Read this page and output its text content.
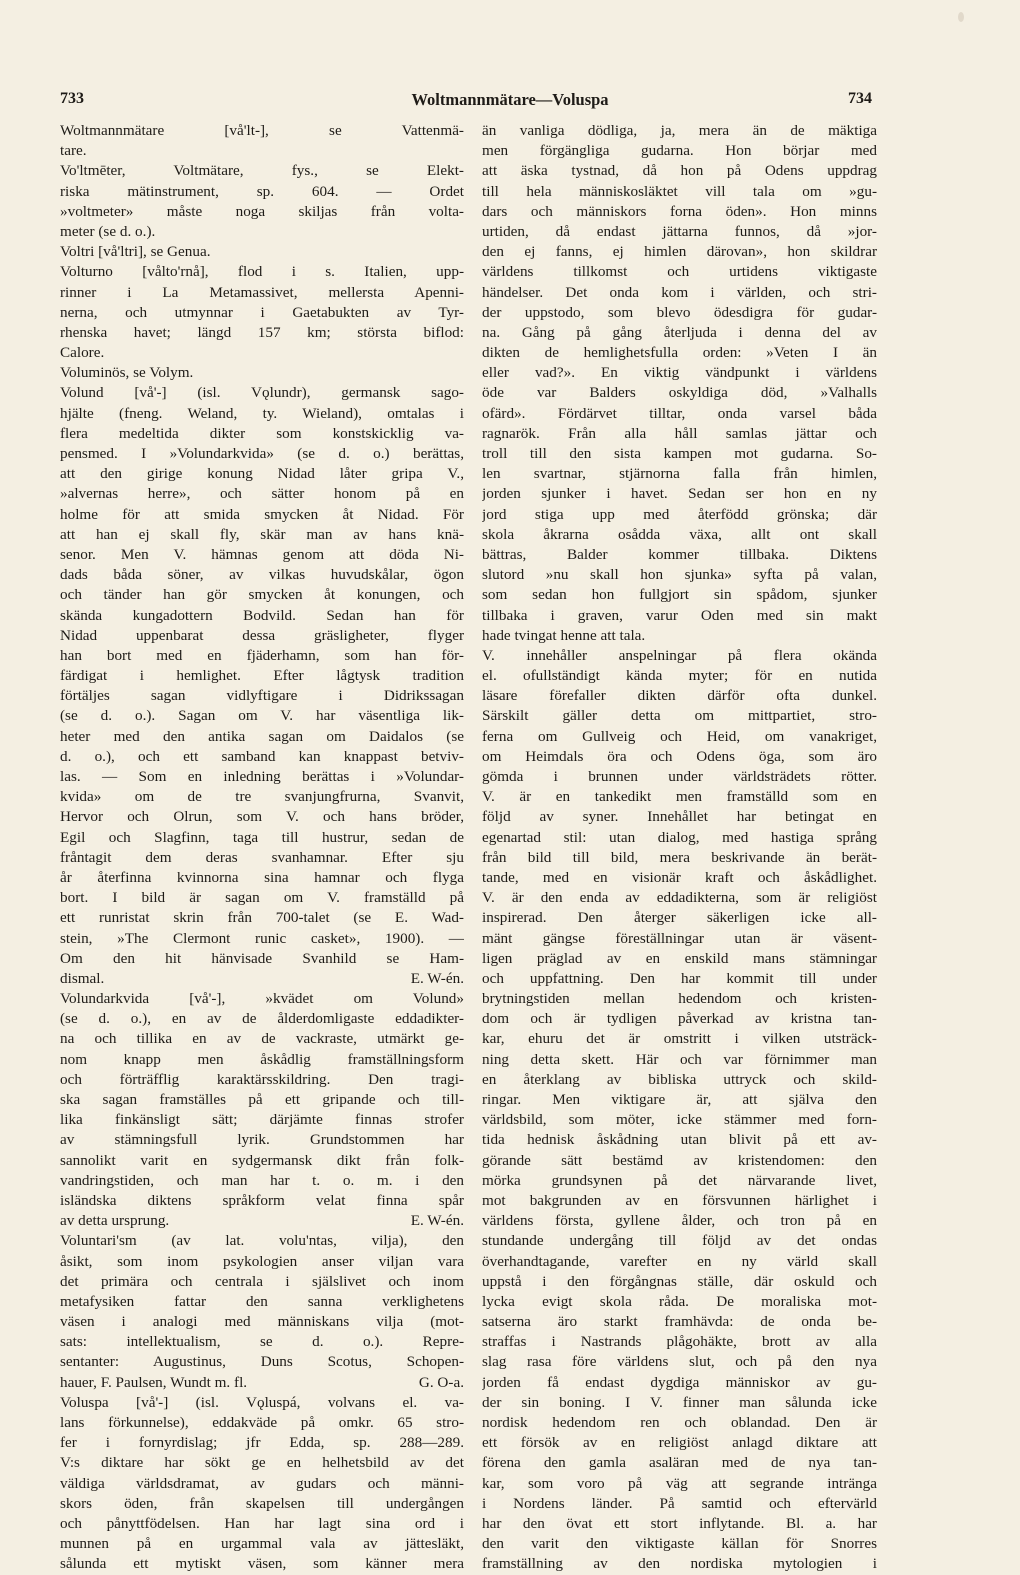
Woltmannmätare—Voluspa
733	734
Woltmannmätare [vå'lt-], se Vattenmä-
tare.
Vo'ltmēter, Voltmätare, fys., se Elekt-
riska mätinstrument, sp. 604. — Ordet
»voltmeter» måste noga skiljas från volta-
meter (se d. o.).
Voltri [vå'ltri], se Genua.
Volturno [vålto'rnå], flod i s. Italien, upp-
rinner i La Metamassivet, mellersta Apenni-
nerna, och utmynnar i Gaetabukten av Tyr-
rhenska havet; längd 157 km; största biflod:
Calore.
Voluminös, se Volym.
Volund [vå'-] (isl. Vǫlundr), germansk sago-
hjälte (fneng. Weland, ty. Wieland), omtalas i
flera medeltida dikter som konstskicklig va-
pensmed. I »Volundarkvida» (se d. o.) berättas,
att den girige konung Nidad låter gripa V.,
»alvernas herre», och sätter honom på en
holme för att smida smycken åt Nidad. För
att han ej skall fly, skär man av hans knä-
senor. Men V. hämnas genom att döda Ni-
dads båda söner, av vilkas huvudskålar, ögon
och tänder han gör smycken åt konungen, och
skända kungadottern Bodvild. Sedan han för
Nidad uppenbarat dessa gräsligheter, flyger
han bort med en fjäderhamn, som han för-
färdigat i hemlighet. Efter lågtysk tradition
förtäljes sagan vidlyftigare i Didrikssagan
(se d. o.). Sagan om V. har väsentliga lik-
heter med den antika sagan om Daidalos (se
d. o.), och ett samband kan knappast betviv-
las. — Som en inledning berättas i »Volundar-
kvida» om de tre svanjungfrurna, Svanvit,
Hervor och Olrun, som V. och hans bröder,
Egil och Slagfinn, taga till hustrur, sedan de
fråntagit dem deras svanhamnar. Efter sju
år återfinna kvinnorna sina hamnar och flyga
bort. I bild är sagan om V. framställd på
ett runristat skrin från 700-talet (se E. Wad-
stein, »The Clermont runic casket», 1900). —
Om den hit hänvisade Svanhild se Ham-
E. W-én.
dismal.
Volundarkvida [vå'-], »kvädet om Volund»
(se d. o.), en av de ålderdomligaste eddadikter-
na och tillika en av de vackraste, utmärkt ge-
nom knapp men åskådlig framställningsform
och förträfflig karaktärsskildring. Den tragi-
ska sagan framställes på ett gripande och till-
lika finkänsligt sätt; därjämte finnas strofer
av stämningsfull lyrik. Grundstommen har
sannolikt varit en sydgermansk dikt från folk-
vandringstiden, och man har t. o. m. i den
isländska diktens språkform velat finna spår
E. W-én.
av detta ursprung.
Voluntari'sm (av lat. volu'ntas, vilja), den
åsikt, som inom psykologien anser viljan vara
det primära och centrala i själslivet och inom
metafysiken fattar den sanna verklighetens
väsen i analogi med människans vilja (mot-
sats: intellektualism, se d. o.). Repre-
sentanter: Augustinus, Duns Scotus, Schopen-
G. O-a.
hauer, F. Paulsen, Wundt m. fl.
Voluspa [vå'-] (isl. Vǫluspá, volvans el. va-
lans förkunnelse), eddakväde på omkr. 65 stro-
fer i fornyrdislag; jfr Edda, sp. 288—289.
V:s diktare har sökt ge en helhetsbild av det
väldiga världsdramat, av gudars och männi-
skors öden, från skapelsen till undergången
och pånyttfödelsen. Han har lagt sina ord i
munnen på en urgammal vala av jättesläkt,
sålunda ett mytiskt väsen, som känner mera
än vanliga dödliga, ja, mera än de mäktiga
men förgängliga gudarna. Hon börjar med
att äska tystnad, då hon på Odens uppdrag
till hela människosläktet vill tala om »gu-
dars och människors forna öden». Hon minns
urtiden, då endast jättarna funnos, då »jor-
den ej fanns, ej himlen därovan», hon skildrar
världens tillkomst och urtidens viktigaste
händelser. Det onda kom i världen, och stri-
der uppstodo, som blevo ödesdigra för gudar-
na. Gång på gång återljuda i denna del av
dikten de hemlighetsfulla orden: »Veten I än
eller vad?». En viktig vändpunkt i världens
öde var Balders oskyldiga död, »Valhalls
ofärd». Fördärvet tilltar, onda varsel båda
ragnarök. Från alla håll samlas jättar och
troll till den sista kampen mot gudarna. So-
len svartnar, stjärnorna falla från himlen,
jorden sjunker i havet. Sedan ser hon en ny
jord stiga upp med återfödd grönska; där
skola åkrarna osådda växa, allt ont skall
bättras, Balder kommer tillbaka. Diktens
slutord »nu skall hon sjunka» syfta på valan,
som sedan hon fullgjort sin spådom, sjunker
tillbaka i graven, varur Oden med sin makt
hade tvingat henne att tala.
V. innehåller anspelningar på flera okända
el. ofullständigt kända myter; för en nutida
läsare förefaller dikten därför ofta dunkel.
Särskilt gäller detta om mittpartiet, stro-
ferna om Gullveig och Heid, om vanakriget,
om Heimdals öra och Odens öga, som äro
gömda i brunnen under världsträdets rötter.
V. är en tankedikt men framställd som en
följd av syner. Innehållet har betingat en
egenartad stil: utan dialog, med hastiga språng
från bild till bild, mera beskrivande än berät-
tande, med en visionär kraft och åskådlighet.
V. är den enda av eddadikterna, som är religiöst
inspirerad. Den återger säkerligen icke all-
mänt gängse föreställningar utan är väsent-
ligen präglad av en enskild mans stämningar
och uppfattning. Den har kommit till under
brytningstiden mellan hedendom och kristen-
dom och är tydligen påverkad av kristna tan-
kar, ehuru det är omstritt i vilken utsträck-
ning detta skett. Här och var förnimmer man
en återklang av bibliska uttryck och skild-
ringar. Men viktigare är, att själva den
världsbild, som möter, icke stämmer med forn-
tida hednisk åskådning utan blivit på ett av-
görande sätt bestämd av kristendomen: den
mörka grundsynen på det närvarande livet,
mot bakgrunden av en försvunnen härlighet i
världens första, gyllene ålder, och tron på en
stundande undergång till följd av det ondas
överhandtagande, varefter en ny värld skall
uppstå i den förgångnas ställe, där oskuld och
lycka evigt skola råda. De moraliska mot-
satserna äro starkt framhävda: de onda be-
straffas i Nastrands plågohäkte, brott av alla
slag rasa före världens slut, och på den nya
jorden få endast dygdiga människor av gu-
der sin boning. I V. finner man sålunda icke
nordisk hedendom ren och oblandad. Den är
ett försök av en religiöst anlagd diktare att
förena den gamla asaläran med de nya tan-
kar, som voro på väg att segrande intränga
i Nordens länder. På samtid och eftervärld
har den övat ett stort inflytande. Bl. a. har
den varit den viktigaste källan för Snorres
framställning av den nordiska mytologien i
